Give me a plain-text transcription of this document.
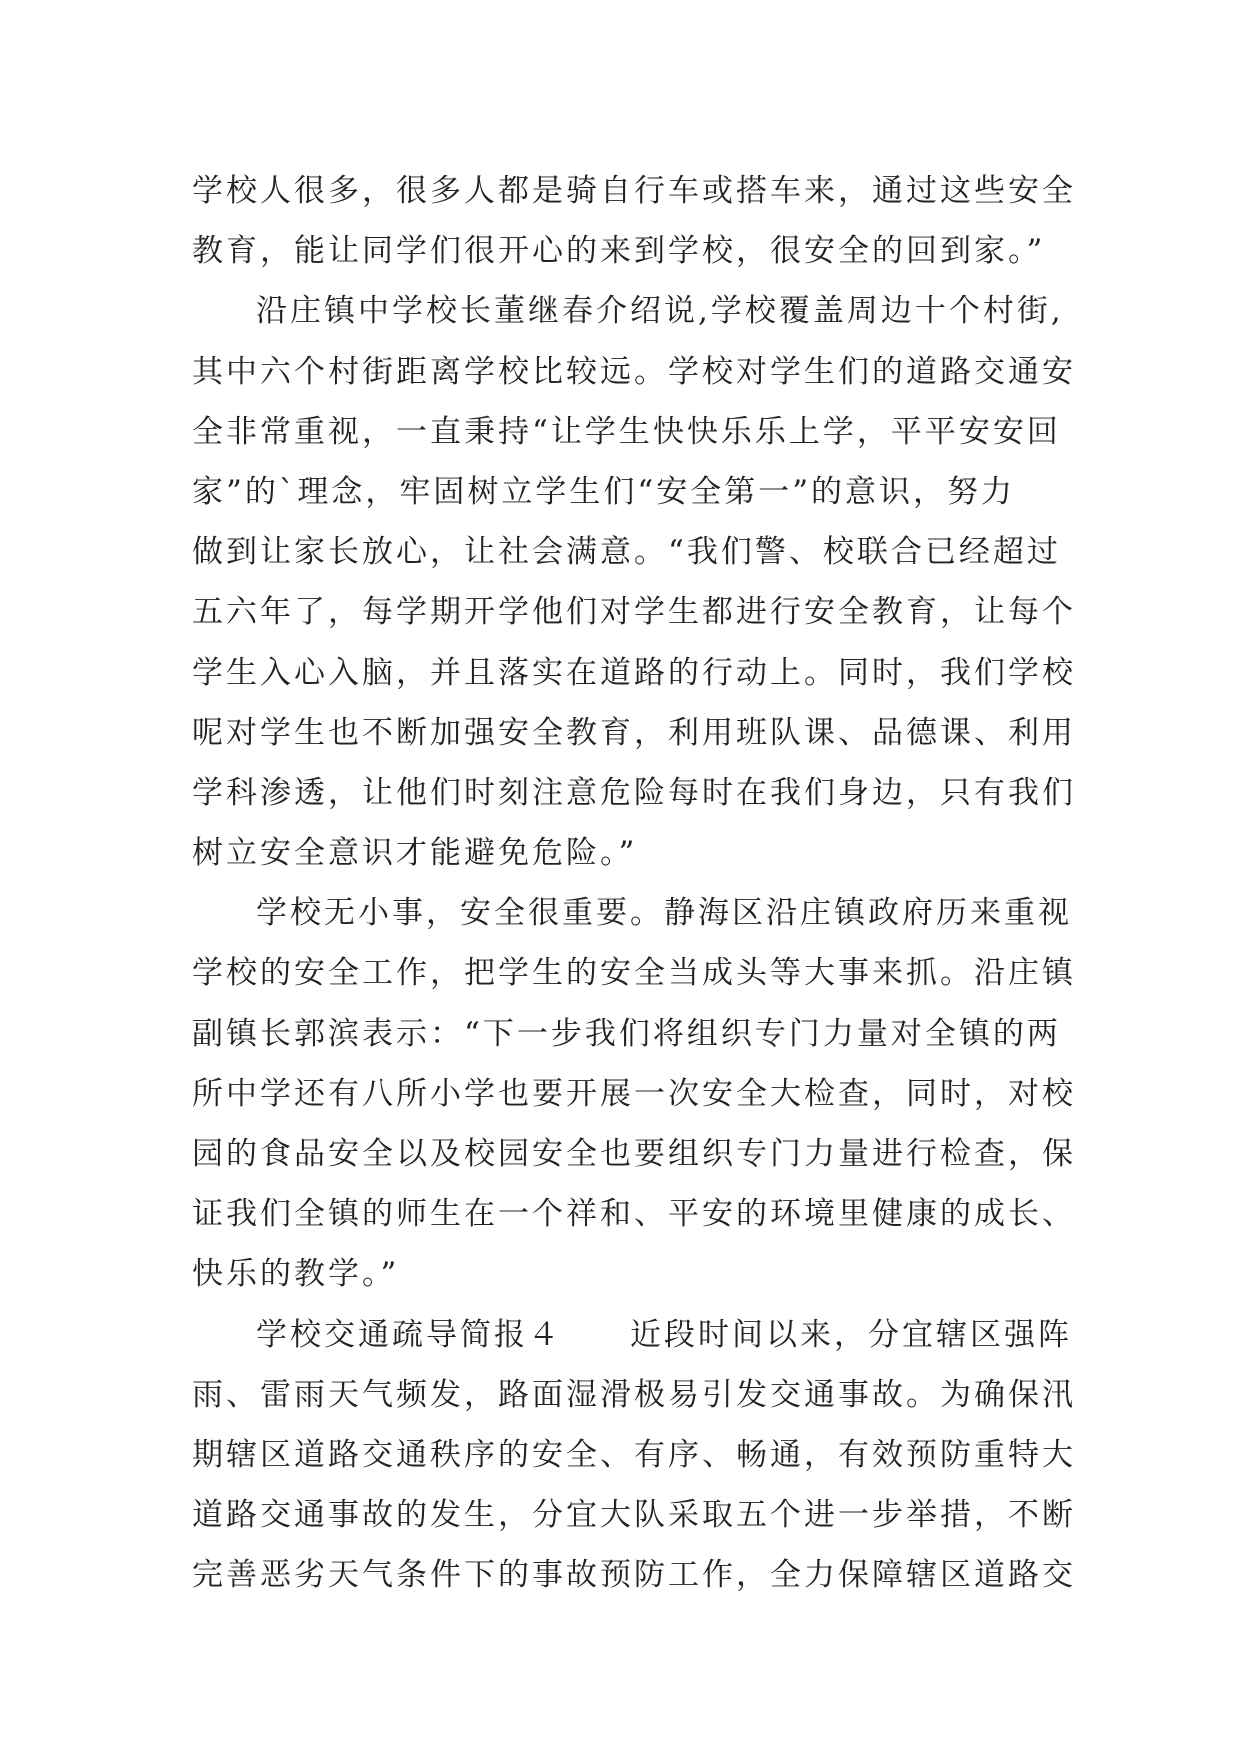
学校人很多，很多人都是骑自行车或搭车来，通过这些安全
教育，能让同学们很开心的来到学校，很安全的回到家。”
沿庄镇中学校长董继春介绍说,学校覆盖周边十个村街,
其中六个村街距离学校比较远。学校对学生们的道路交通安
全非常重视，一直秉持“让学生快快乐乐上学，平平安安回
家”的`理念，牢固树立学生们“安全第一”的意识，努力
做到让家长放心，让社会满意。“我们警、校联合已经超过
五六年了，每学期开学他们对学生都进行安全教育，让每个
学生入心入脑，并且落实在道路的行动上。同时，我们学校
呢对学生也不断加强安全教育，利用班队课、品德课、利用
学科渗透，让他们时刻注意危险每时在我们身边，只有我们
树立安全意识才能避免危险。”
学校无小事，安全很重要。静海区沿庄镇政府历来重视
学校的安全工作，把学生的安全当成头等大事来抓。沿庄镇
副镇长郭滨表示：“下一步我们将组织专门力量对全镇的两
所中学还有八所小学也要开展一次安全大检查，同时，对校
园的食品安全以及校园安全也要组织专门力量进行检查，保
证我们全镇的师生在一个祥和、平安的环境里健康的成长、
快乐的教学。”
学校交通疏导简报４　　近段时间以来，分宜辖区强阵
雨、雷雨天气频发，路面湿滑极易引发交通事故。为确保汛
期辖区道路交通秩序的安全、有序、畅通，有效预防重特大
道路交通事故的发生，分宜大队采取五个进一步举措，不断
完善恶劣天气条件下的事故预防工作，全力保障辖区道路交
